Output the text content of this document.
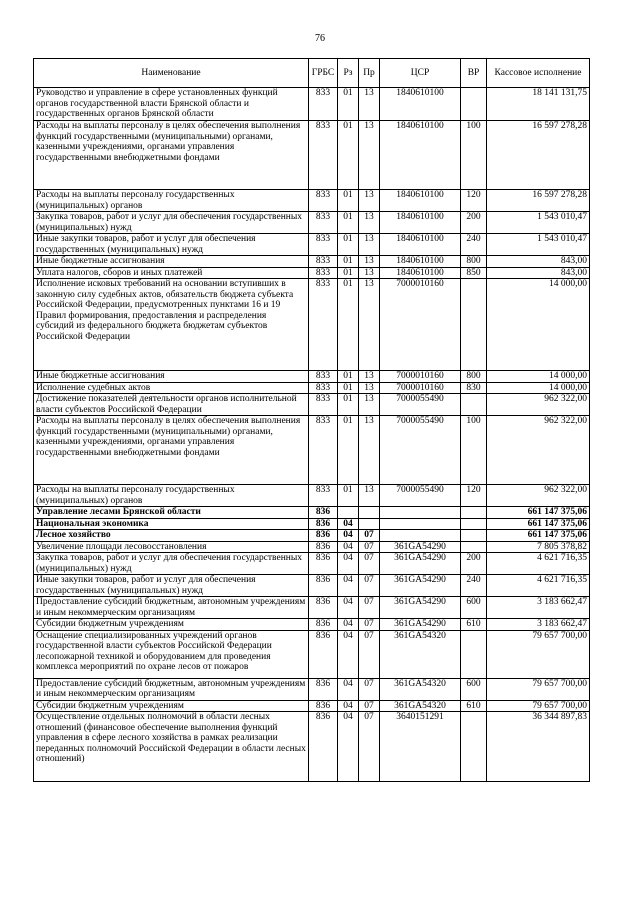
76
Наименование	ГРБС	Рз	Пр	ЦСР	ВР	Кассовое исполнение
Руководство и управление в сфере установленных функций органов государственной власти Брянской области и государственных органов Брянской области	833	01	13	1840610100		18 141 131,75
Расходы на выплаты персоналу в целях обеспечения выполнения функций государственными (муниципальными) органами, казенными учреждениями, органами управления государственными внебюджетными фондами	833	01	13	1840610100	100	16 597 278,28
Расходы на выплаты персоналу государственных (муниципальных) органов	833	01	13	1840610100	120	16 597 278,28
Закупка товаров, работ и услуг для обеспечения государственных (муниципальных) нужд	833	01	13	1840610100	200	1 543 010,47
Иные закупки товаров, работ и услуг для обеспечения государственных (муниципальных) нужд	833	01	13	1840610100	240	1 543 010,47
Иные бюджетные ассигнования	833	01	13	1840610100	800	843,00
Уплата налогов, сборов и иных платежей	833	01	13	1840610100	850	843,00
Исполнение исковых требований на основании вступивших в законную силу судебных актов, обязательств бюджета субъекта Российской Федерации, предусмотренных пунктами 16 и 19 Правил формирования, предоставления и распределения субсидий из федерального бюджета бюджетам субъектов Российской Федерации	833	01	13	7000010160		14 000,00
Иные бюджетные ассигнования	833	01	13	7000010160	800	14 000,00
Исполнение судебных актов	833	01	13	7000010160	830	14 000,00
Достижение показателей деятельности органов исполнительной власти субъектов Российской Федерации	833	01	13	7000055490		962 322,00
Расходы на выплаты персоналу в целях обеспечения выполнения функций государственными (муниципальными) органами, казенными учреждениями, органами управления государственными внебюджетными фондами	833	01	13	7000055490	100	962 322,00
Расходы на выплаты персоналу государственных (муниципальных) органов	833	01	13	7000055490	120	962 322,00
Управление лесами Брянской области	836					661 147 375,06
Национальная экономика	836	04				661 147 375,06
Лесное хозяйство	836	04	07			661 147 375,06
Увеличение площади лесовосстановления	836	04	07	361GA54290		7 805 378,82
Закупка товаров, работ и услуг для обеспечения государственных (муниципальных) нужд	836	04	07	361GA54290	200	4 621 716,35
Иные закупки товаров, работ и услуг для обеспечения государственных (муниципальных) нужд	836	04	07	361GA54290	240	4 621 716,35
Предоставление субсидий бюджетным, автономным учреждениям и иным некоммерческим организациям	836	04	07	361GA54290	600	3 183 662,47
Субсидии бюджетным учреждениям	836	04	07	361GA54290	610	3 183 662,47
Оснащение специализированных учреждений органов государственной власти субъектов Российской Федерации лесопожарной техникой и оборудованием для проведения комплекса мероприятий по охране лесов от пожаров	836	04	07	361GA54320		79 657 700,00
Предоставление субсидий бюджетным, автономным учреждениям и иным некоммерческим организациям	836	04	07	361GA54320	600	79 657 700,00
Субсидии бюджетным учреждениям	836	04	07	361GA54320	610	79 657 700,00
Осуществление отдельных полномочий в области лесных отношений (финансовое обеспечение выполнения функций управления в сфере лесного хозяйства в рамках реализации переданных полномочий Российской Федерации в области лесных отношений)	836	04	07	3640151291		36 344 897,83
